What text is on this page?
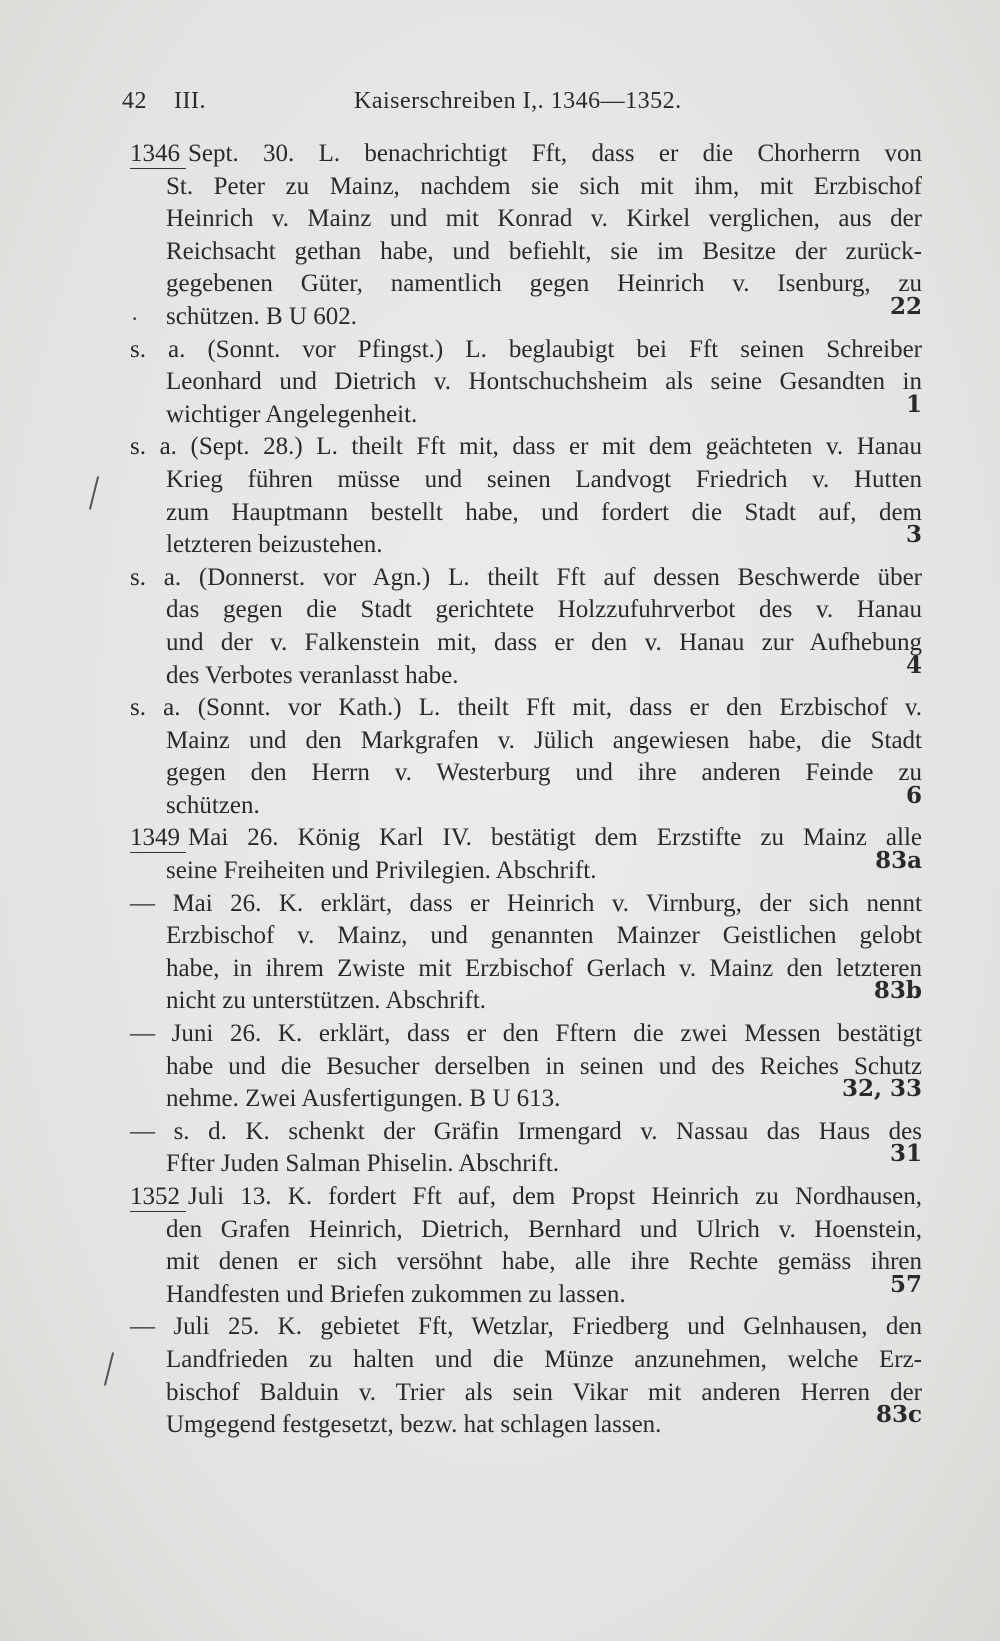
42 III.	Kaiserschreiben I,. 1346—1352.
·
1346 Sept. 30. L. benachrichtigt Fft, dass er die Chorherrn von
St. Peter zu Mainz, nachdem sie sich mit ihm, mit Erzbischof
Heinrich v. Mainz und mit Konrad v. Kirkel verglichen, aus der
Reichsacht gethan habe, und befiehlt, sie im Besitze der zurück-
gegebenen Güter, namentlich gegen Heinrich v. Isenburg, zu
schützen. B U 602.	22
s. a. (Sonnt. vor Pfingst.) L. beglaubigt bei Fft seinen Schreiber
Leonhard und Dietrich v. Hontschuchsheim als seine Gesandten in
wichtiger Angelegenheit.	1
s. a. (Sept. 28.) L. theilt Fft mit, dass er mit dem geächteten v. Hanau
Krieg führen müsse und seinen Landvogt Friedrich v. Hutten
zum Hauptmann bestellt habe, und fordert die Stadt auf, dem
letzteren beizustehen.	3
s. a. (Donnerst. vor Agn.) L. theilt Fft auf dessen Beschwerde über
das gegen die Stadt gerichtete Holzzufuhrverbot des v. Hanau
und der v. Falkenstein mit, dass er den v. Hanau zur Aufhebung
des Verbotes veranlasst habe.	4
s. a. (Sonnt. vor Kath.) L. theilt Fft mit, dass er den Erzbischof v.
Mainz und den Markgrafen v. Jülich angewiesen habe, die Stadt
gegen den Herrn v. Westerburg und ihre anderen Feinde zu
schützen.	6
1349 Mai 26. König Karl IV. bestätigt dem Erzstifte zu Mainz alle
seine Freiheiten und Privilegien. Abschrift.	83a
— Mai 26. K. erklärt, dass er Heinrich v. Virnburg, der sich nennt
Erzbischof v. Mainz, und genannten Mainzer Geistlichen gelobt
habe, in ihrem Zwiste mit Erzbischof Gerlach v. Mainz den letzteren
nicht zu unterstützen. Abschrift.	83b
— Juni 26. K. erklärt, dass er den Fftern die zwei Messen bestätigt
habe und die Besucher derselben in seinen und des Reiches Schutz
nehme. Zwei Ausfertigungen. B U 613.	32, 33
— s. d. K. schenkt der Gräfin Irmengard v. Nassau das Haus des
Ffter Juden Salman Phiselin. Abschrift.	31
1352 Juli 13. K. fordert Fft auf, dem Propst Heinrich zu Nordhausen,
den Grafen Heinrich, Dietrich, Bernhard und Ulrich v. Hoenstein,
mit denen er sich versöhnt habe, alle ihre Rechte gemäss ihren
Handfesten und Briefen zukommen zu lassen.	57
— Juli 25. K. gebietet Fft, Wetzlar, Friedberg und Gelnhausen, den
Landfrieden zu halten und die Münze anzunehmen, welche Erz-
bischof Balduin v. Trier als sein Vikar mit anderen Herren der
Umgegend festgesetzt, bezw. hat schlagen lassen.	83c
